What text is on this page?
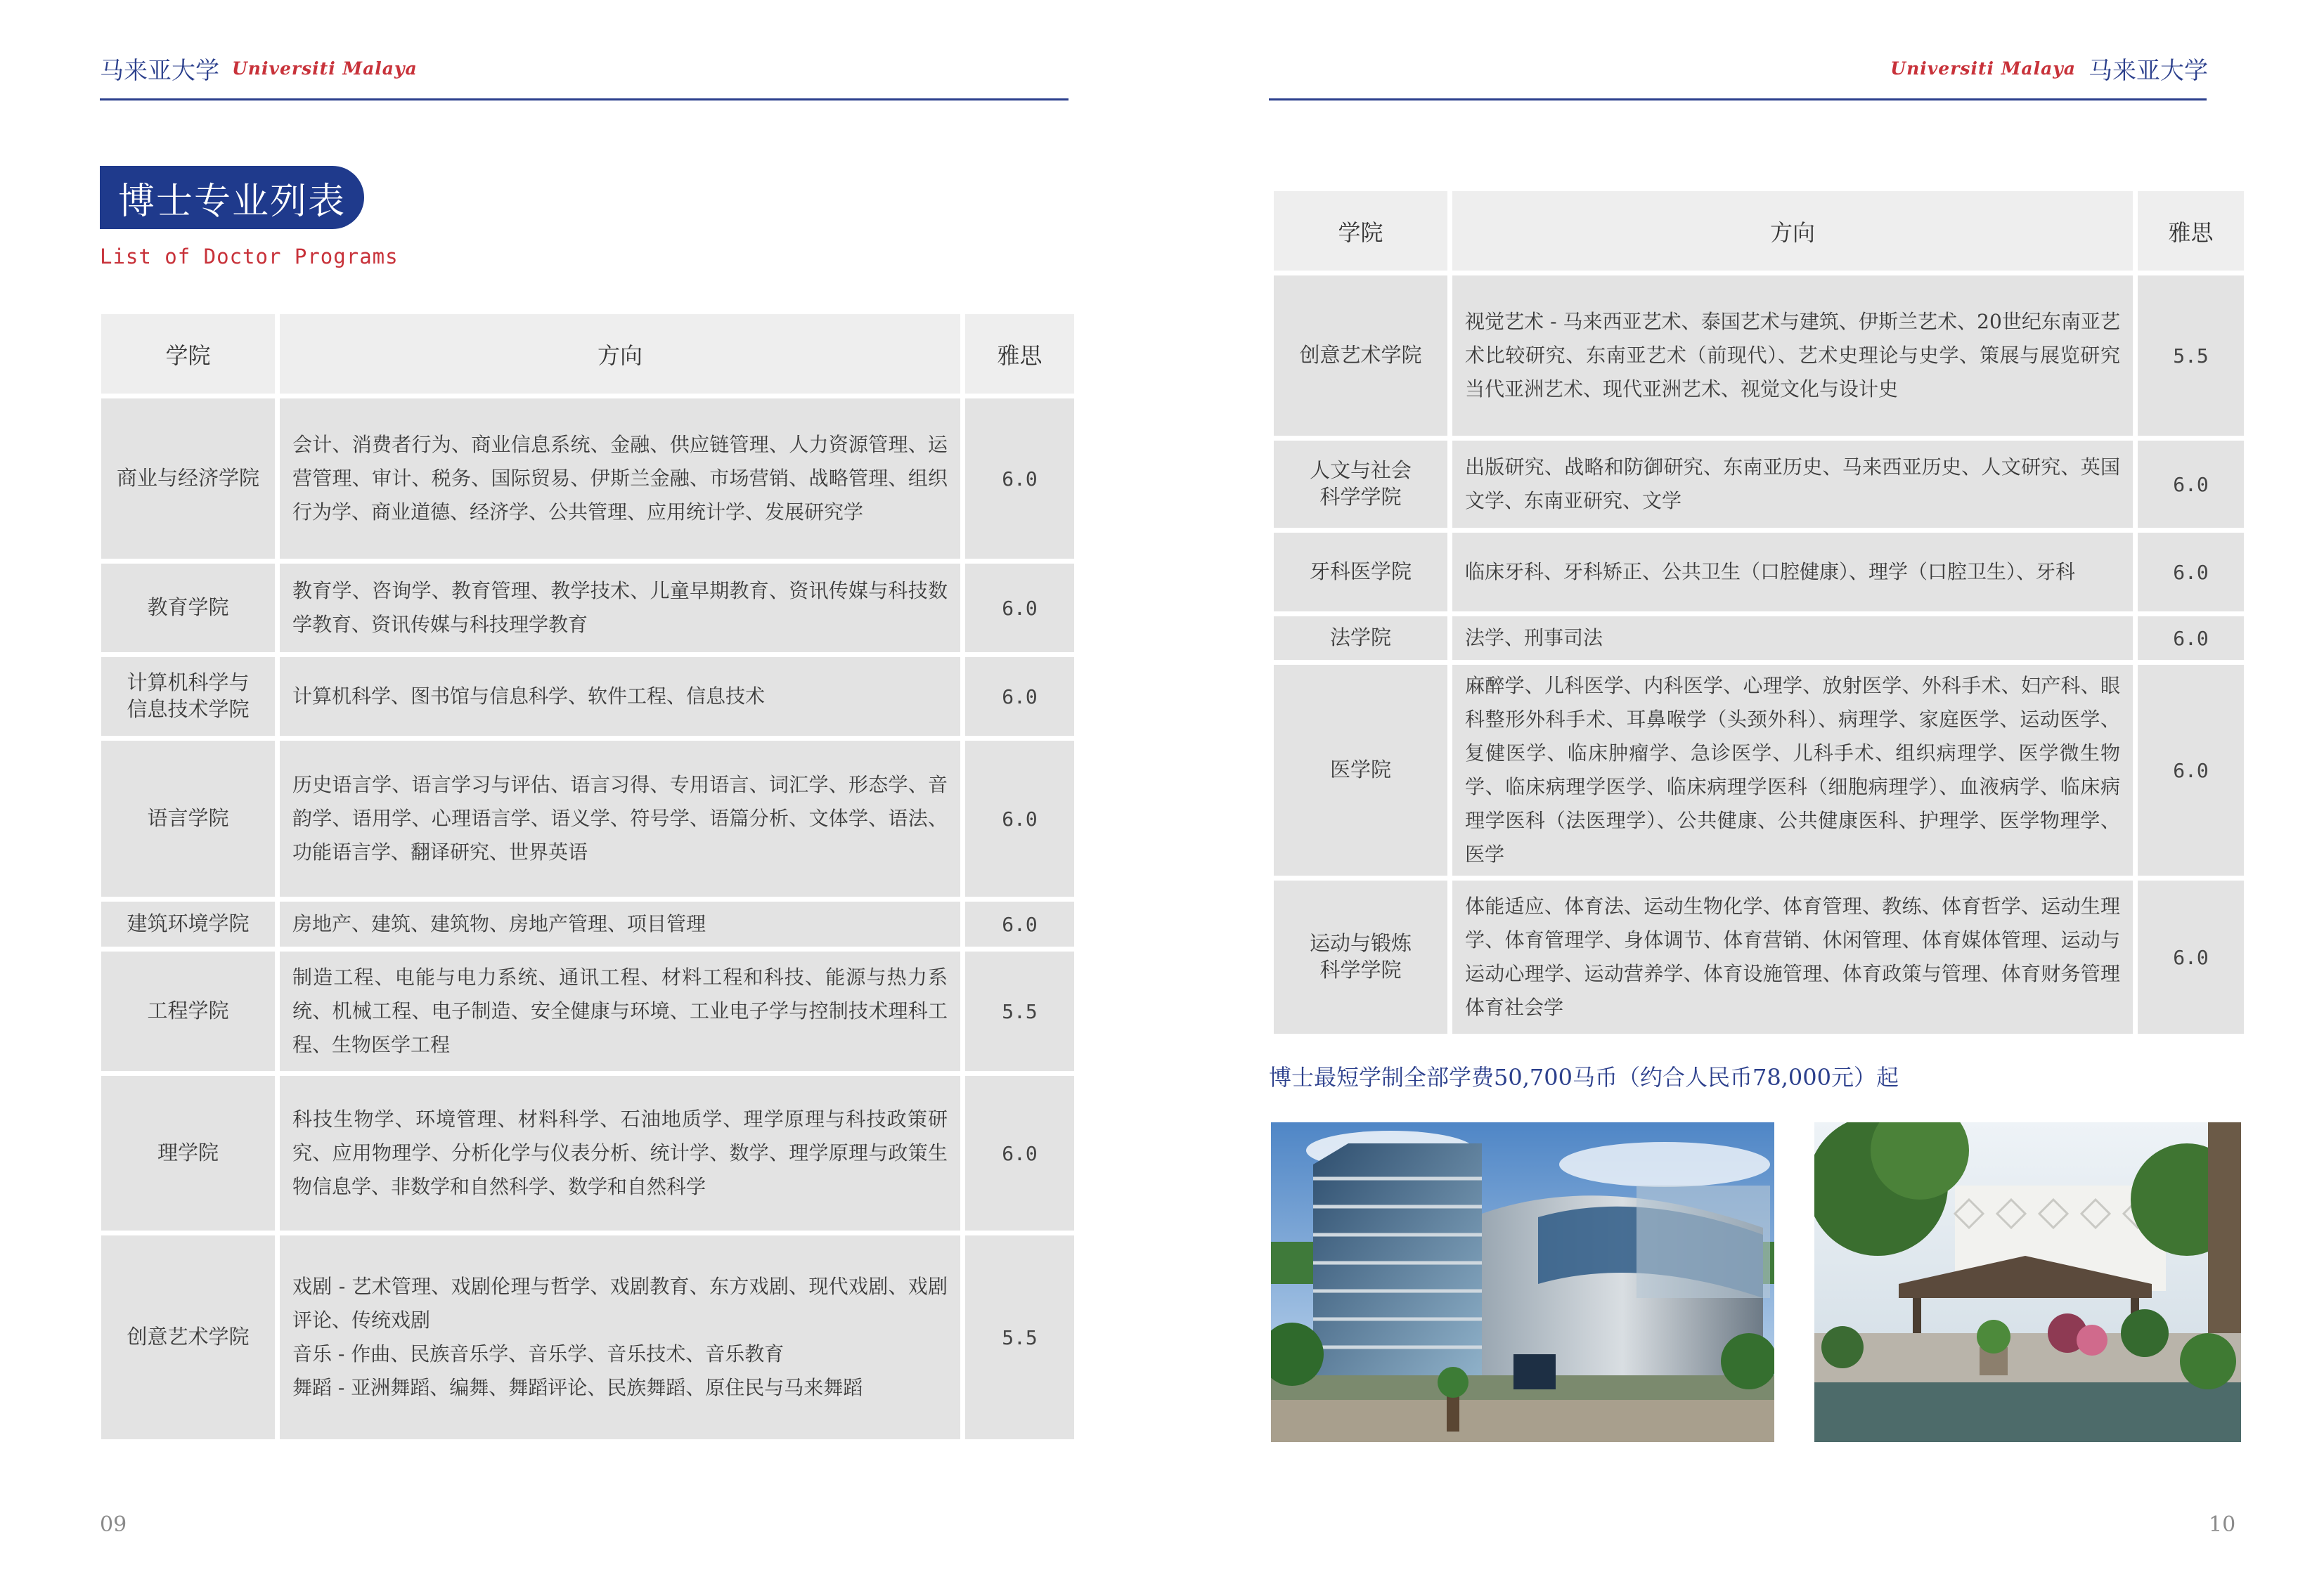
马来亚大学 Universiti Malaya
博士专业列表
List of Doctor Programs
学院	方向	雅思
商业与经济学院	会计、消费者行为、商业信息系统、金融、供应链管理、人力资源管理、运营管理、审计、税务、国际贸易、伊斯兰金融、市场营销、战略管理、组织行为学、商业道德、经济学、公共管理、应用统计学、发展研究学	6.0
教育学院	教育学、咨询学、教育管理、教学技术、儿童早期教育、资讯传媒与科技数学教育、资讯传媒与科技理学教育	6.0
计算机科学与
信息技术学院	计算机科学、图书馆与信息科学、软件工程、信息技术	6.0
语言学院	历史语言学、语言学习与评估、语言习得、专用语言、词汇学、形态学、音韵学、语用学、心理语言学、语义学、符号学、语篇分析、文体学、语法、功能语言学、翻译研究、世界英语	6.0
建筑环境学院	房地产、建筑、建筑物、房地产管理、项目管理	6.0
工程学院	制造工程、电能与电力系统、通讯工程、材料工程和科技、能源与热力系统、机械工程、电子制造、安全健康与环境、工业电子学与控制技术理科工程、生物医学工程	5.5
理学院	科技生物学、环境管理、材料科学、石油地质学、理学原理与科技政策研究、应用物理学、分析化学与仪表分析、统计学、数学、理学原理与政策生物信息学、非数学和自然科学、数学和自然科学	6.0
创意艺术学院	戏剧 - 艺术管理、戏剧伦理与哲学、戏剧教育、东方戏剧、现代戏剧、戏剧评论、传统戏剧
音乐 - 作曲、民族音乐学、音乐学、音乐技术、音乐教育
舞蹈 - 亚洲舞蹈、编舞、舞蹈评论、民族舞蹈、原住民与马来舞蹈	5.5
09
Universiti Malaya 马来亚大学
学院	方向	雅思
创意艺术学院	视觉艺术 - 马来西亚艺术、泰国艺术与建筑、伊斯兰艺术、20世纪东南亚艺术比较研究、东南亚艺术（前现代）、艺术史理论与史学、策展与展览研究当代亚洲艺术、现代亚洲艺术、视觉文化与设计史	5.5
人文与社会
科学学院	出版研究、战略和防御研究、东南亚历史、马来西亚历史、人文研究、英国文学、东南亚研究、文学	6.0
牙科医学院	临床牙科、牙科矫正、公共卫生（口腔健康）、理学（口腔卫生）、牙科	6.0
法学院	法学、刑事司法	6.0
医学院	麻醉学、儿科医学、内科医学、心理学、放射医学、外科手术、妇产科、眼科整形外科手术、耳鼻喉学（头颈外科）、病理学、家庭医学、运动医学、复健医学、临床肿瘤学、急诊医学、儿科手术、组织病理学、医学微生物学、临床病理学医学、临床病理学医科（细胞病理学）、血液病学、临床病理学医科（法医理学）、公共健康、公共健康医科、护理学、医学物理学、医学	6.0
运动与锻炼
科学学院	体能适应、体育法、运动生物化学、体育管理、教练、体育哲学、运动生理学、体育管理学、身体调节、体育营销、休闲管理、体育媒体管理、运动与运动心理学、运动营养学、体育设施管理、体育政策与管理、体育财务管理体育社会学	6.0
博士最短学制全部学费50,700马币（约合人民币78,000元）起
10
